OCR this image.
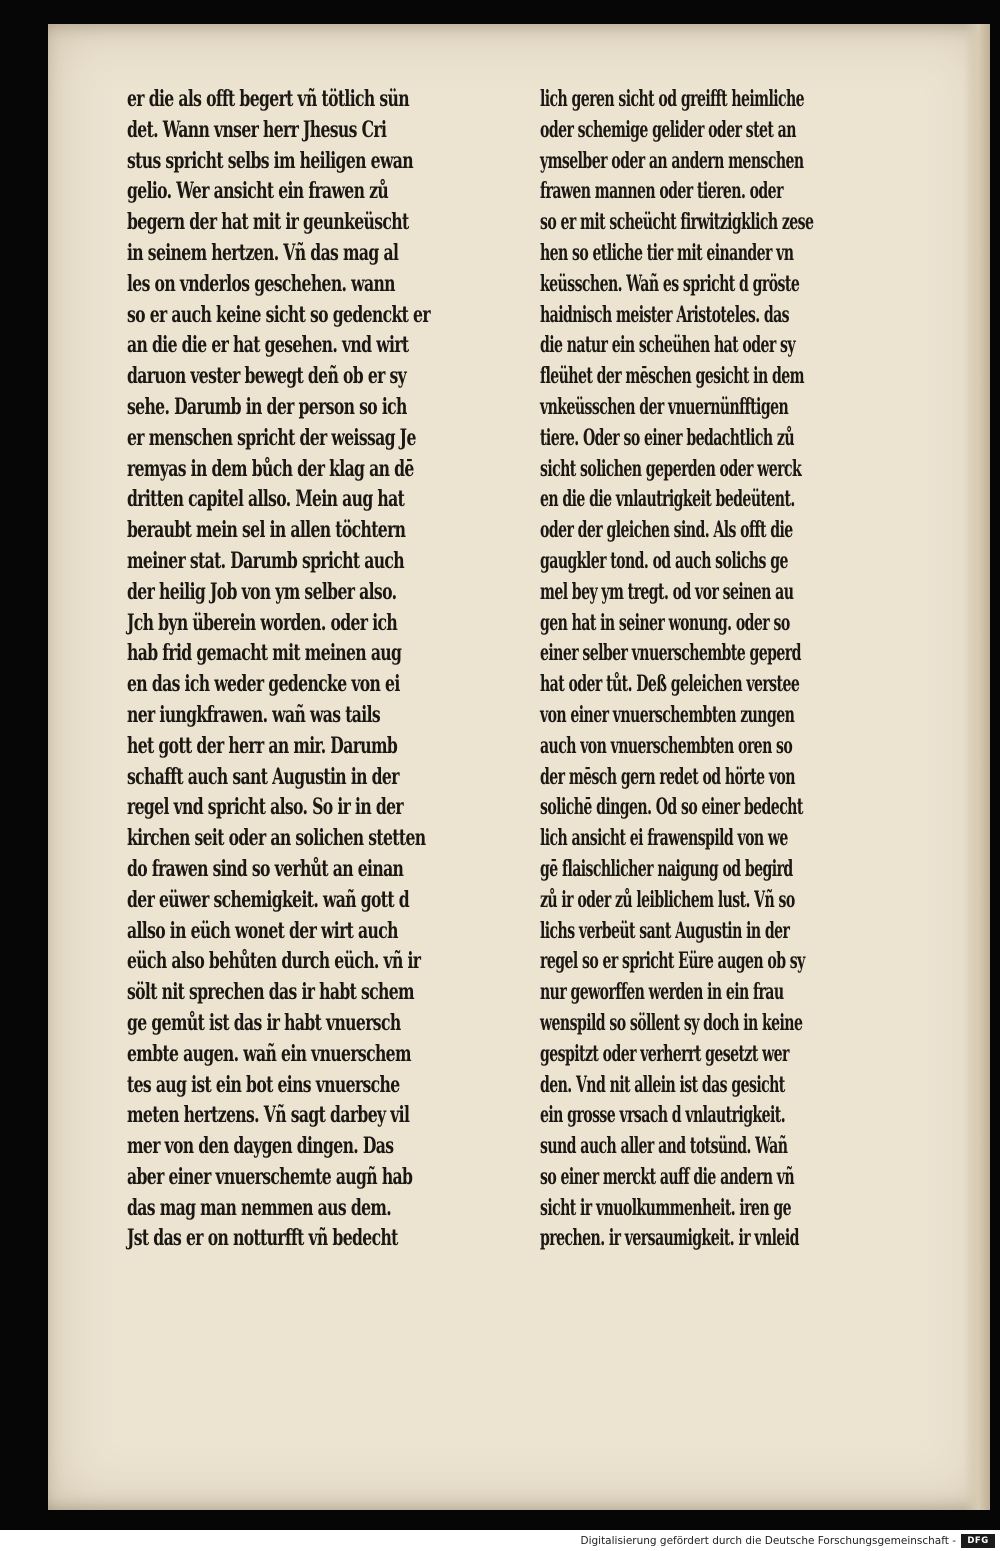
er die als offt begert vñ tötlich sün
det. Wann vnser herr Jhesus Cri
stus spricht selbs im heiligen ewan
gelio. Wer ansicht ein frawen zů
begern der hat mit ir geunkeüscht
in seinem hertzen. Vñ das mag al
les on vnderlos geschehen. wann
so er auch keine sicht so gedenckt er
an die die er hat gesehen. vnd wirt
daruon vester bewegt deñ ob er sy
sehe. Darumb in der person so ich
er menschen spricht der weissag Je
remyas in dem bůch der klag an dē
dritten capitel allso. Mein aug hat
beraubt mein sel in allen töchtern
meiner stat. Darumb spricht auch
der heilig Job von ym selber also.
Jch byn überein worden. oder ich
hab frid gemacht mit meinen aug
en das ich weder gedencke von ei
ner iungkfrawen. wañ was tails
het gott der herr an mir. Darumb
schafft auch sant Augustin in der
regel vnd spricht also. So ir in der
kirchen seit oder an solichen stetten
do frawen sind so verhůt an einan
der eüwer schemigkeit. wañ gott d
allso in eüch wonet der wirt auch
eüch also behůten durch eüch. vñ ir
sölt nit sprechen das ir habt schem
ge gemůt ist das ir habt vnuersch
embte augen. wañ ein vnuerschem
tes aug ist ein bot eins vnuersche
meten hertzens. Vñ sagt darbey vil
mer von den daygen dingen. Das
aber einer vnuerschemte augñ hab
das mag man nemmen aus dem.
Jst das er on notturfft vñ bedecht
lich geren sicht od greifft heimliche
oder schemige gelider oder stet an
ymselber oder an andern menschen
frawen mannen oder tieren. oder
so er mit scheücht firwitzigklich zese
hen so etliche tier mit einander vn
keüsschen. Wañ es spricht d gröste
haidnisch meister Aristoteles. das
die natur ein scheühen hat oder sy
fleühet der mēschen gesicht in dem
vnkeüsschen der vnuernünfftigen
tiere. Oder so einer bedachtlich zů
sicht solichen geperden oder werck
en die die vnlautrigkeit bedeütent.
oder der gleichen sind. Als offt die
gaugkler tond. od auch solichs ge
mel bey ym tregt. od vor seinen au
gen hat in seiner wonung. oder so
einer selber vnuerschembte geperd
hat oder tůt. Deß geleichen verstee
von einer vnuerschembten zungen
auch von vnuerschembten oren so
der mēsch gern redet od hörte von
solichē dingen. Od so einer bedecht
lich ansicht ei frawenspild von we
gē flaischlicher naigung od begird
zů ir oder zů leiblichem lust. Vñ so
lichs verbeüt sant Augustin in der
regel so er spricht Eüre augen ob sy
nur geworffen werden in ein frau
wenspild so söllent sy doch in keine
gespitzt oder verherrt gesetzt wer
den. Vnd nit allein ist das gesicht
ein grosse vrsach d vnlautrigkeit.
sund auch aller and totsünd. Wañ
so einer merckt auff die andern vñ
sicht ir vnuolkummenheit. iren ge
prechen. ir versaumigkeit. ir vnleid
Digitalisierung gefördert durch die Deutsche Forschungsgemeinschaft -	DFG
